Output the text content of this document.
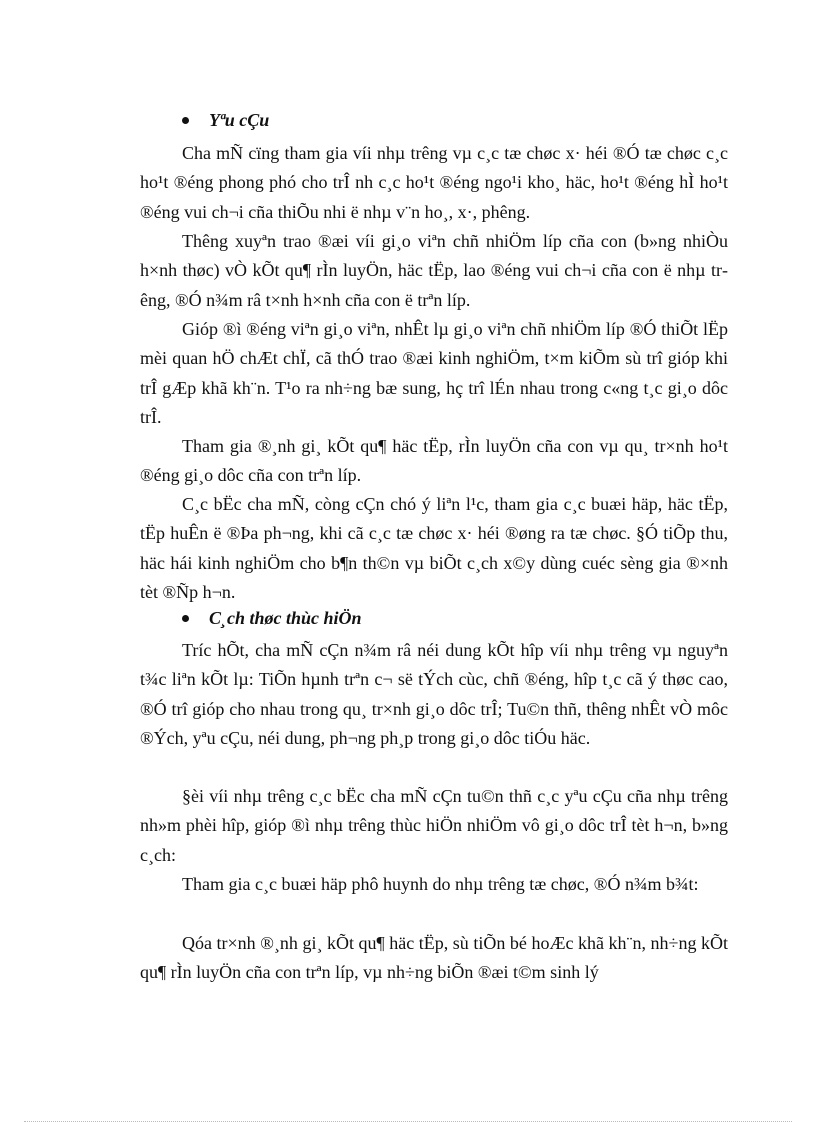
Yªu cÇu

Cha mÑ cïng tham gia víi nhµ trêng vµ c¸c tæ chøc x· héi ®Ó tæ chøc c¸c ho¹t ®éng phong phó cho trÎ nh c¸c ho¹t ®éng ngo¹i kho¸ häc, ho¹t ®éng hÌ ho¹t ®éng vui ch¬i cña thiÕu nhi ë nhµ v¨n ho¸, x·, phêng.

Thêng xuyªn trao ®æi víi gi¸o viªn chñ nhiÖm líp cña con (b»ng nhiÒu h×nh thøc) vÒ kÕt qu¶ rÌn luyÖn, häc tËp, lao ®éng vui ch¬i cña con ë nhµ trêng, ®Ó n¾m râ t×nh h×nh cña con ë trªn líp.

Gióp ®ì ®éng viªn gi¸o viªn, nhÊt lµ gi¸o viªn chñ nhiÖm líp ®Ó thiÕt lËp mèi quan hÖ chÆt chÏ, cã thÓ trao ®æi kinh nghiÖm, t×m kiÕm sù trî gióp khi trÎ gÆp khã kh¨n. T¹o ra nh÷ng bæ sung, hç trî lÉn nhau trong c«ng t¸c gi¸o dôc trÎ.

Tham gia ®¸nh gi¸ kÕt qu¶ häc tËp, rÌn luyÖn cña con vµ qu¸ tr×nh ho¹t ®éng gi¸o dôc cña con trªn líp.

C¸c bËc cha mÑ, còng cÇn chó ý liªn l¹c, tham gia c¸c buæi häp, häc tËp, tËp huÊn ë ®Þa ph¬ng, khi cã c¸c tæ chøc x· héi ®øng ra tæ chøc. §Ó tiÕp thu, häc hái kinh nghiÖm cho b¶n th©n vµ biÕt c¸ch x©y dùng cuéc sèng gia ®×nh tèt ®Ñp h¬n.

C¸ch thøc thùc hiÖn

Tríc hÕt, cha mÑ cÇn n¾m râ néi dung kÕt hîp víi nhµ trêng vµ nguyªn t¾c liªn kÕt lµ: TiÕn hµnh trªn c¬ së tÝch cùc, chñ ®éng, hîp t¸c cã ý thøc cao, ®Ó trî gióp cho nhau trong qu¸ tr×nh gi¸o dôc trÎ; Tu©n thñ, thêng nhÊt vÒ môc ®Ých, yªu cÇu, néi dung, ph¬ng ph¸p trong gi¸o dôc tiÓu häc.

§èi víi nhµ trêng c¸c bËc cha mÑ cÇn tu©n thñ c¸c yªu cÇu cña nhµ trêng nh»m phèi hîp, gióp ®ì nhµ trêng thùc hiÖn nhiÖm vô gi¸o dôc trÎ tèt h¬n, b»ng c¸ch:

Tham gia c¸c buæi häp phô huynh do nhµ trêng tæ chøc, ®Ó n¾m b¾t:

Qóa tr×nh ®¸nh gi¸ kÕt qu¶ häc tËp, sù tiÕn bé hoÆc khã kh¨n, nh÷ng kÕt qu¶ rÌn luyÖn cña con trªn líp, vµ nh÷ng biÕn ®æi t©m sinh lý
